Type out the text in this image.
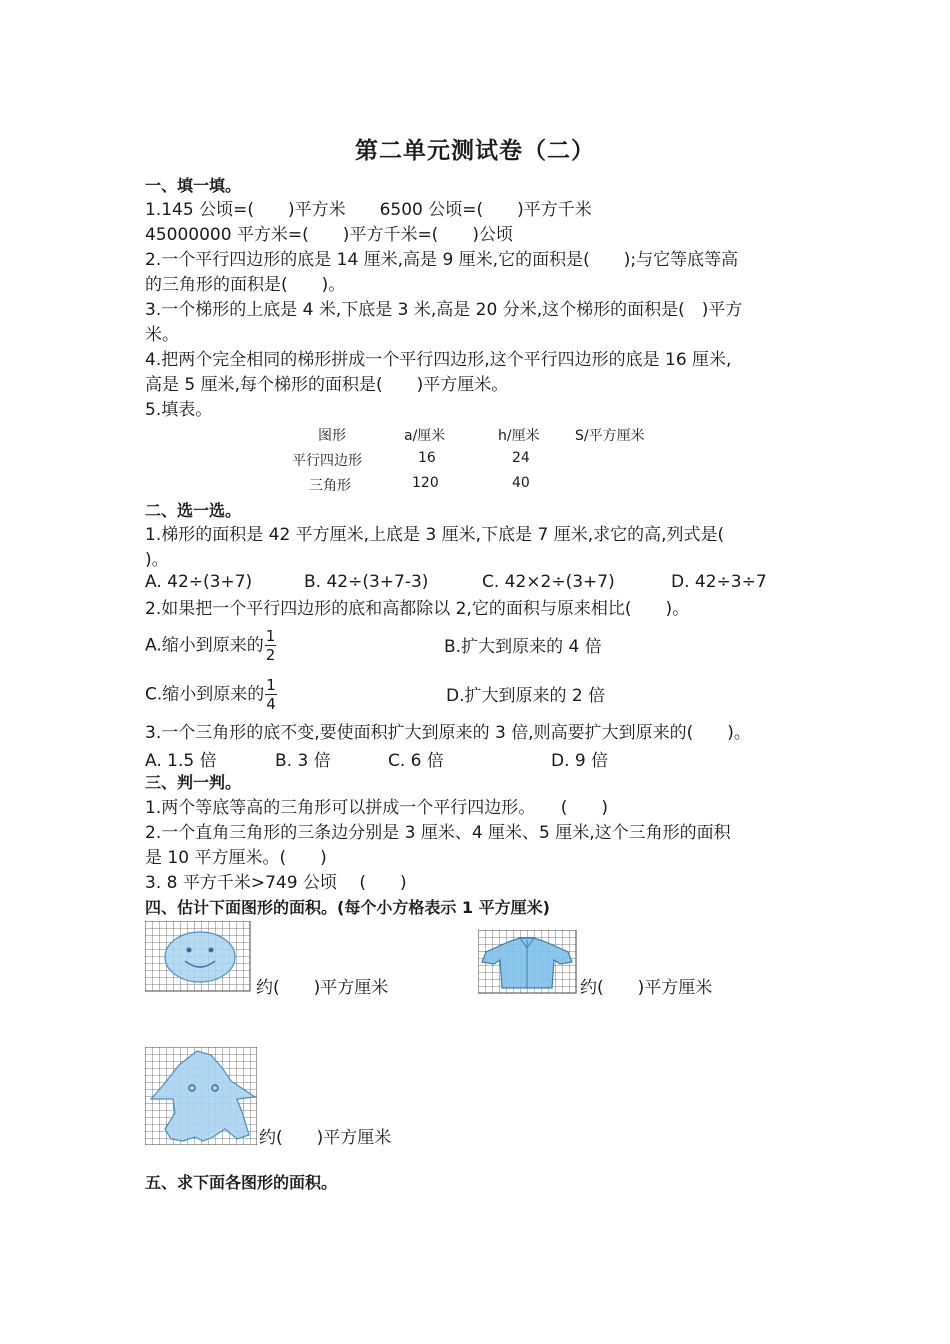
第二单元测试卷（二）
一、填一填。
1.145 公顷=(　　)平方米　　6500 公顷=(　　)平方千米
45000000 平方米=(　　)平方千米=(　　)公顷
2.一个平行四边形的底是 14 厘米,高是 9 厘米,它的面积是(　　);与它等底等高
的三角形的面积是(　　)。
3.一个梯形的上底是 4 米,下底是 3 米,高是 20 分米,这个梯形的面积是(　)平方
米。
4.把两个完全相同的梯形拼成一个平行四边形,这个平行四边形的底是 16 厘米,
高是 5 厘米,每个梯形的面积是(　　)平方厘米。
5.填表。
图形	a/厘米	h/厘米	S/平方厘米
平行四边形	16	24
三角形	120	40
二、选一选。
1.梯形的面积是 42 平方厘米,上底是 3 厘米,下底是 7 厘米,求它的高,列式是(
)。
A. 42÷(3+7)	B. 42÷(3+7-3)	C. 42×2÷(3+7)	D. 42÷3÷7
2.如果把一个平行四边形的底和高都除以 2,它的面积与原来相比(　　)。
A.缩小到原来的 $\frac{1}{2}$	B.扩大到原来的 4 倍
C.缩小到原来的 $\frac{1}{4}$	D.扩大到原来的 2 倍
3.一个三角形的底不变,要使面积扩大到原来的 3 倍,则高要扩大到原来的(　　)。
A. 1.5 倍	B. 3 倍	C. 6 倍	D. 9 倍
三、判一判。
1.两个等底等高的三角形可以拼成一个平行四边形。　　(　　)
2.一个直角三角形的三条边分别是 3 厘米、4 厘米、5 厘米,这个三角形的面积
是 10 平方厘米。(　　)
3. 8 平方千米>749 公顷　 (　　)
四、估计下面图形的面积。(每个小方格表示 1 平方厘米)
约(　　)平方厘米	约(　　)平方厘米
约(　　)平方厘米
五、求下面各图形的面积。
